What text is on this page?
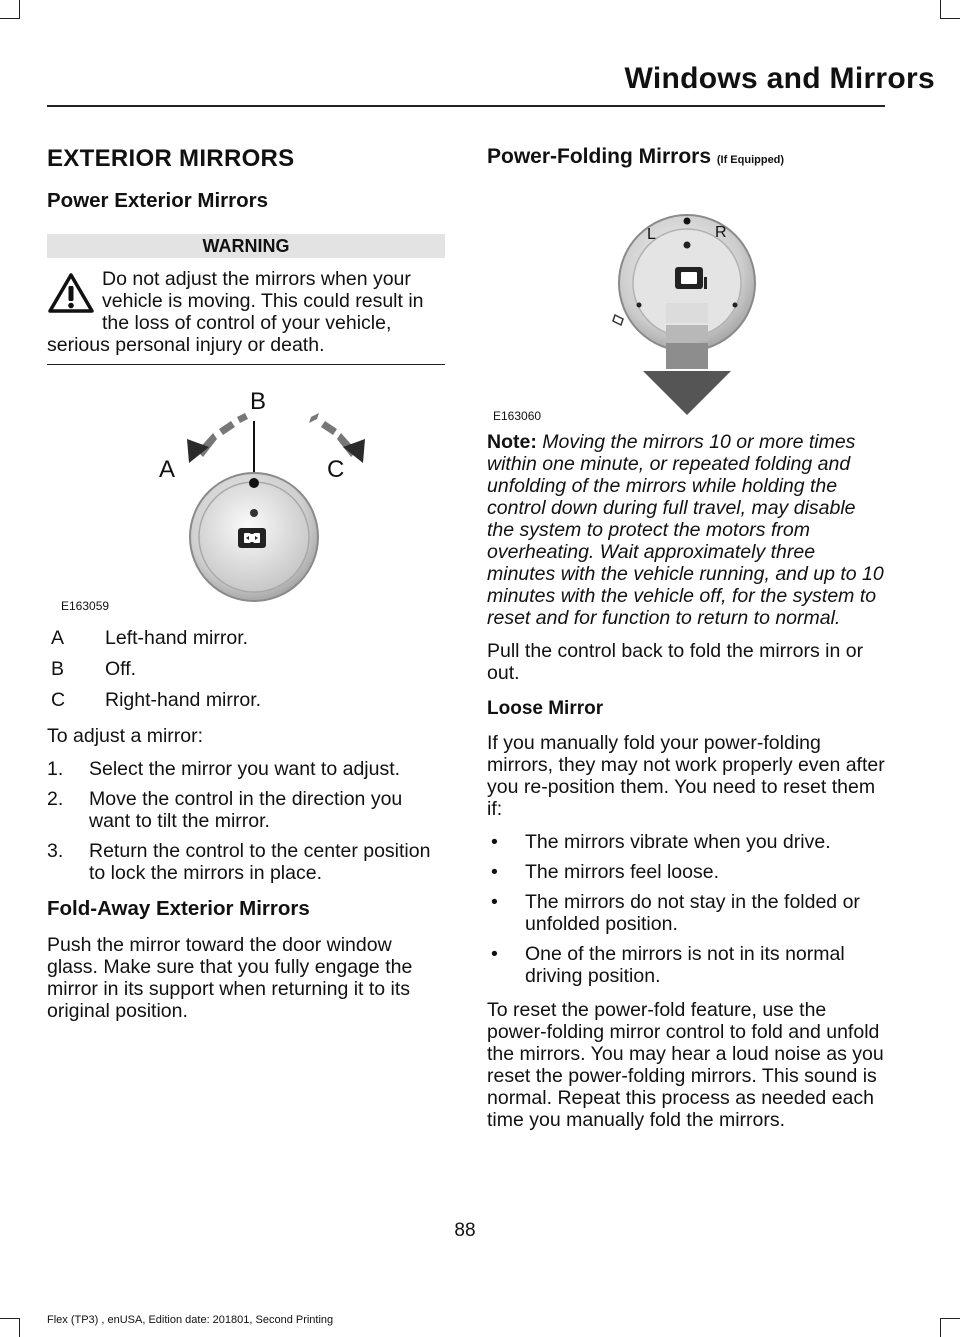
Windows and Mirrors
EXTERIOR MIRRORS
Power Exterior Mirrors
WARNING
Do not adjust the mirrors when your vehicle is moving. This could result in the loss of control of your vehicle,
serious personal injury or death.
B
A	C
E163059
A	Left-hand mirror.
B	Off.
C	Right-hand mirror.

To adjust a mirror:

1.	Select the mirror you want to adjust.
2.	Move the control in the direction you want to tilt the mirror.
3.	Return the control to the center position to lock the mirrors in place.
Fold-Away Exterior Mirrors

Push the mirror toward the door window glass. Make sure that you fully engage the mirror in its support when returning it to its original position.

Power-Folding Mirrors (If Equipped)
L	R
E163060

Note: Moving the mirrors 10 or more times within one minute, or repeated folding and unfolding of the mirrors while holding the control down during full travel, may disable the system to protect the motors from overheating. Wait approximately three minutes with the vehicle running, and up to 10 minutes with the vehicle off, for the system to reset and for function to return to normal.

Pull the control back to fold the mirrors in or out.

Loose Mirror

If you manually fold your power-folding mirrors, they may not work properly even after you re-position them. You need to reset them if:

•	The mirrors vibrate when you drive.
•	The mirrors feel loose.
•	The mirrors do not stay in the folded or unfolded position.
•	One of the mirrors is not in its normal driving position.

To reset the power-fold feature, use the power-folding mirror control to fold and unfold the mirrors. You may hear a loud noise as you reset the power-folding mirrors. This sound is normal. Repeat this process as needed each time you manually fold the mirrors.

88
Flex (TP3) , enUSA, Edition date: 201801, Second Printing
